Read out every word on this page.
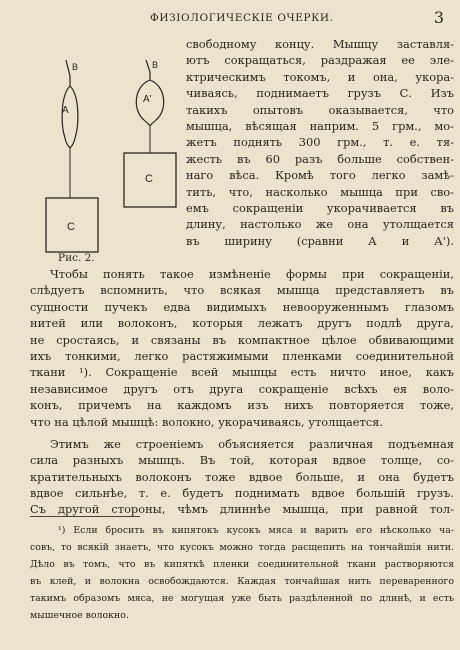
ФИЗІОЛОГИЧЕСКІЕ ОЧЕРКИ.	3
B
A
C
B
A'
C
Рис. 2.
свободному концу. Мышцу заставля-
ютъ сокращаться, раздражая ее эле-
ктрическимъ токомъ, и она, укора-
чиваясь, поднимаетъ грузъ С. Изъ
такихъ опытовъ оказывается, что
мышца, вѣсящая наприм. 5 грм., мо-
жетъ поднять 300 грм., т. е. тя-
жесть въ 60 разъ больше собствен-
наго вѣса. Кромѣ того легко замѣ-
тить, что, насколько мышца при сво-
емъ сокращеніи укорачивается въ
длину, настолько же она утолщается
въ ширину (сравни А и А').
Чтобы понять такое измѣненіе формы при сокращеніи,
слѣдуетъ вспомнить, что всякая мышца представляетъ въ
сущности пучекъ едва видимыхъ невооруженнымъ глазомъ
нитей или волоконъ, которыя лежатъ другъ подлѣ друга,
не сростаясь, и связаны въ компактное цѣлое обвивающими
ихъ тонкими, легко растяжимыми пленками соединительной
ткани ¹). Сокращеніе всей мышцы есть ничто иное, какъ
независимое другъ отъ друга сокращеніе всѣхъ ея воло-
конъ, причемъ на каждомъ изъ нихъ повторяется тоже,
что на цѣлой мышцѣ: волокно, укорачиваясь, утолщается.
Этимъ же строеніемъ объясняется различная подъемная
сила разныхъ мышцъ. Въ той, которая вдвое толще, со-
кратительныхъ волоконъ тоже вдвое больше, и она будетъ
вдвое сильнѣе, т. е. будетъ поднимать вдвое большій грузъ.
Съ другой стороны, чѣмъ длиннѣе мышца, при равной тол-
¹) Если бросить въ кипятокъ кусокъ мяса и варить его нѣсколько ча-
совъ, то всякій знаетъ, что кусокъ можно тогда расщепить на тончайшія нити.
Дѣло въ томъ, что въ кипяткѣ пленки соединительной ткани растворяются
въ клей, и волокна освобождаются. Каждая тончайшая нить переваренного
такимъ образомъ мяса, не могущая уже быть раздѣленной по длинѣ, и есть
мышечное волокно.
